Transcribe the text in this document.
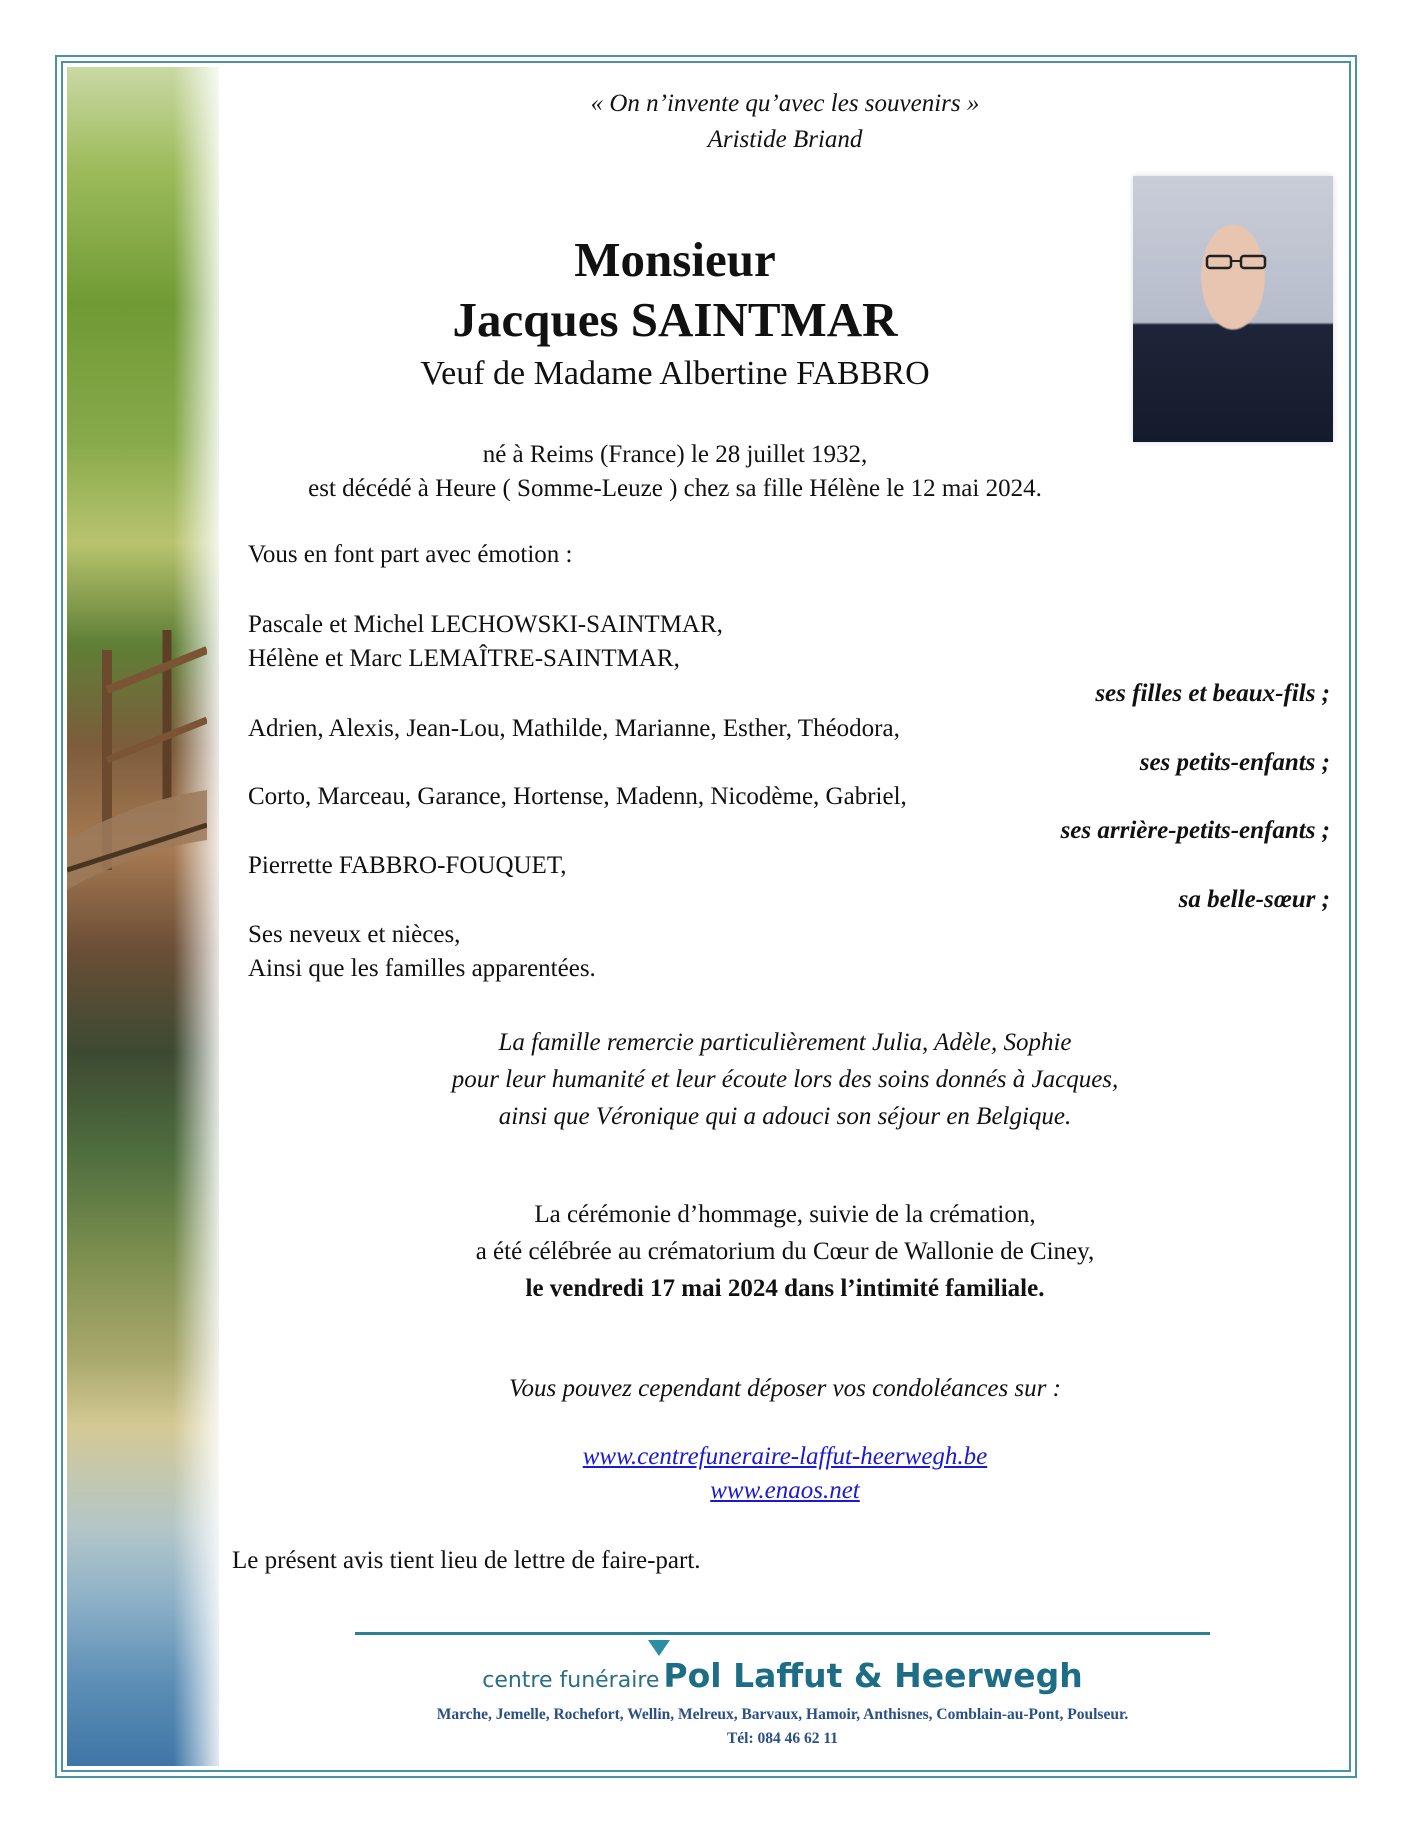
« On n’invente qu’avec les souvenirs »
Aristide Briand
Monsieur
Jacques SAINTMAR
Veuf de Madame Albertine FABBRO
né à Reims (France) le 28 juillet 1932,
est décédé à Heure ( Somme-Leuze ) chez sa fille Hélène le 12 mai 2024.
Vous en font part avec émotion :
Pascale et Michel LECHOWSKI-SAINTMAR,
Hélène et Marc LEMAÎTRE-SAINTMAR,
ses filles et beaux-fils ;
Adrien, Alexis, Jean-Lou, Mathilde, Marianne, Esther, Théodora,
ses petits-enfants ;
Corto, Marceau, Garance, Hortense, Madenn, Nicodème, Gabriel,
ses arrière-petits-enfants ;
Pierrette FABBRO-FOUQUET,
sa belle-sœur ;
Ses neveux et nièces,
Ainsi que les familles apparentées.
La famille remercie particulièrement Julia, Adèle, Sophie
pour leur humanité et leur écoute lors des soins donnés à Jacques,
ainsi que Véronique qui a adouci son séjour en Belgique.
La cérémonie d’hommage, suivie de la crémation,
a été célébrée au crématorium du Cœur de Wallonie de Ciney,
le vendredi 17 mai 2024 dans l’intimité familiale.
Vous pouvez cependant déposer vos condoléances sur :
www.centrefuneraire-laffut-heerwegh.be
www.enaos.net
Le présent avis tient lieu de lettre de faire-part.
centre funéraire Pol Laffut & Heerwegh
Marche, Jemelle, Rochefort, Wellin, Melreux, Barvaux, Hamoir, Anthisnes, Comblain-au-Pont, Poulseur.
Tél: 084 46 62 11
